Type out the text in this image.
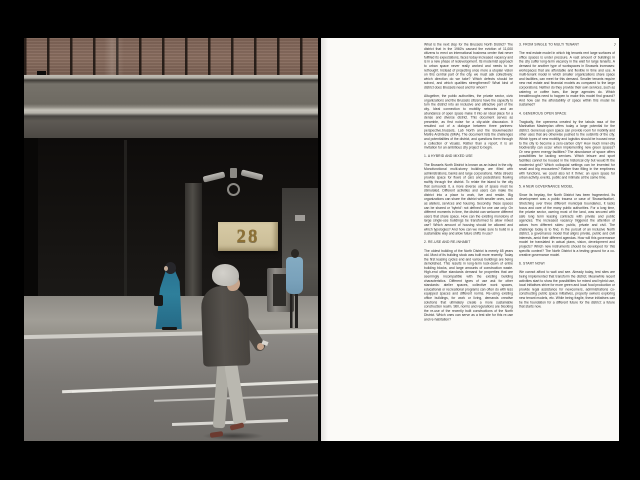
28
7

What is the next step for the Brussels North District? The district that in the 1960's caused the eviction of 11,000 citizens to erect an international business center that never fulfilled its expectations, faces today increased vacancy and is in a new phase of redevelopment. Its modernist approach to urban space never really worked and needs to be rethought. Instead of projecting once more a utopian vision on this central part of the city, we must ask collectively: which direction do we take? Which defects should be solved, and which qualities strengthened? What kind of district does Brussels need and for whom?

Altogether, the public authorities, the private sector, civic organizations and the Brussels citizens have the capacity to turn the district into an inclusive and attractive part of the city. Ideal connection to mobility networks and an abundance of open space make it into an ideal place for a dense and diverse district. This document serves as preamble, as first noise for a city-wide discussion. It resulted out of a dialogue between three partners: perspective.brussels, Lab North and the Bouwmeester Maître Architecte (BMA). The document lists the challenges and potentialities of the district, and questions them through a collection of visuals. Rather than a report, it is an invitation for an ambitious city project to begin.

1. A HYBRID AND MIXED USE

The Brussels North District is known as an island in the city. Monofunctional multi-storey buildings are filled with administrations, banks and large corporations. Wide streets provide space for flows of cars and pedestrians flowing swiftly through the district. To relate the island to the city that surrounds it, a more diverse use of space must be stimulated. Different activities and users can make the district into a place to work, live and reside. Big organizations can share the district with smaller ones, such as ateliers, services and housing. Secondly, these spaces can be shared or 'hybrid': not defined for one use only. On different moments in time, the district can welcome different users that share space. How can the existing monotony of large single-use buildings be transformed to allow mixed use? Which amount of housing should be allowed and which typologies? And how can we make sure to build in a sustainable way and allow future shifts in use?

2. RE-USE AND RE-INHABIT

The oldest building of the North District is merely 65 years old. Most of its building stock was built more recently. Today the first leasing cycles end and various buildings are being demolished. This results in long-term lock-down of entire building blocks, and large amounts of construction waste. High-end office standards demand for properties that are seemingly incompatible with the existing building characteristics. Different types of use ask for other standards: atelier spaces, collective work spaces, educational or recreational programs can often do with less equipped spaces and different norms. Re-using existing office buildings, for work or living, demands creative solutions that ultimately create a more sustainable construction realm. Still, norms and regulations are blocking the re-use of the recently built constructions of the North District. Which ones can serve as a test site for this re-use and re-habitation?

3. FROM SINGLE TO MULTI TENANT

The real estate model in which big tenants rent large surfaces of office spaces is under pressure. A vast amount of buildings in the city suffer long-term vacancy in the wait for large tenants. A demand for another type of workspaces in Brussels increases: workspaces that are affordable and flexible in time and use. A multi-tenant model in which smaller organizations share space and facilities, can meet for this demand. Smaller tenants require new real estate and financial models as compared to the large corporations. Neither do they provide their own services, such as catering or coffee bars, like large agencies do. Which breakthroughs need to happen to make this model find ground? And how can the affordability of space within this model be sustained?

4. GENEROUS OPEN SPACE

Tragically, the openness created by the tabula rasa of the Manhattan Masterplan offers today a large potential for the district. Generous open space can provide room for mobility and other uses that are otherwise pushed to the outskirts of the city. Which types of new mobility and logistics should be housed near to the city to become a zero-carbon city? How much inner-city biodiversity can occur when implementing new green spaces? Or new green energy facilities? The abundance of space offers possibilities for lacking services. Which leisure and sport facilities cannot be housed in the historical city but would fit the modernist grid? Which colloquial settings can be invented for small and big encounters? Rather than filling in the emptiness with functions, we could also let it thrive: an open space for urban activity, events, public and intimate at the same time.

5. A NEW GOVERNANCE MODEL

Since its heyday, the North District has been fragmented. Its development was a public trauma or case of 'Brusselisation'. Stretching over three different municipal boundaries, it lacks focus and care of the many public authorities. For a long time, the private sector, owning most of the land, was secured with safe long term leasing contracts with private and public agencies. The increased vacancy triggered the attention of actors from different sides: public, private and civil. The challenge today is to find, in the pursuit of an inclusive North district, a governance model that aligns private, public and civil interests, amid their different agendas. How will this governance model be translated in actual plans, vision, development and projects? Which new instruments should be developed for this specific context? The North District is a testing ground for a co-creative governance model.

6. START NOW!

We cannot afford to wait and see. Already today, test sites are being implemented that transform the district. Meanwhile recent activities start to show the possibilities for mixed and hybrid use, local initiatives strive for more green and local food production or provide legal assistance for newcomers, administrations co-constructing public space initiatives, property owners exploring new tenant models, etc. While being fragile, these initiatives can be the foundation for a different future for the district: a future that starts now.
